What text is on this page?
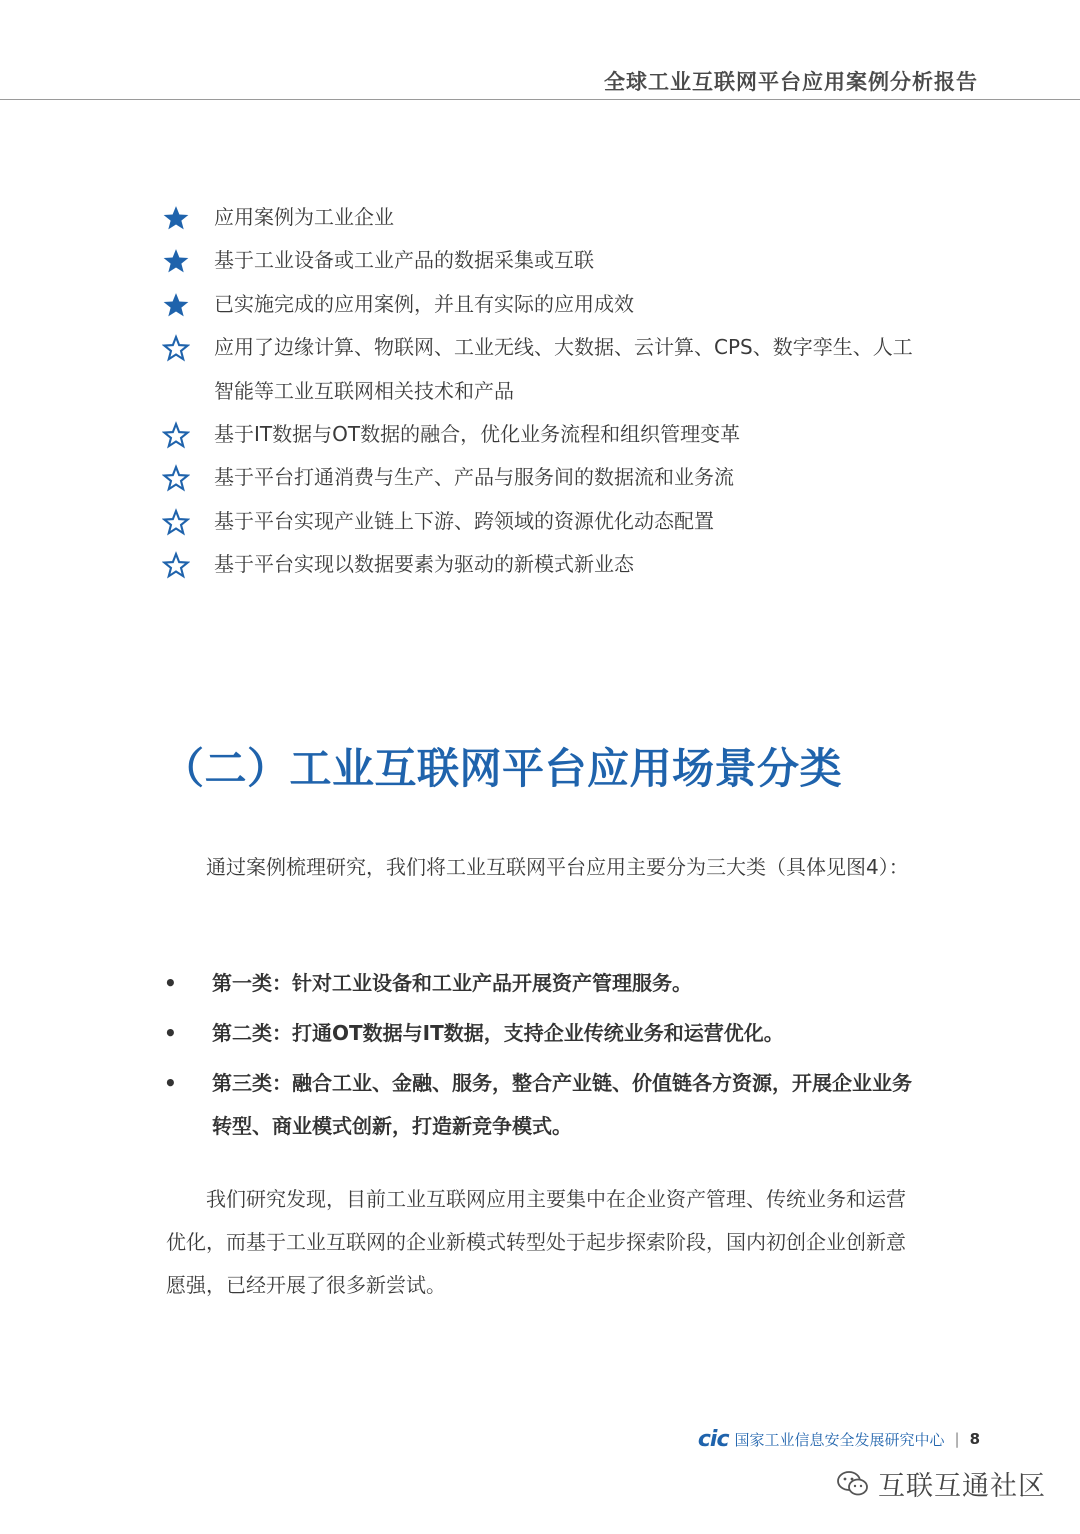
全球工业互联网平台应用案例分析报告
应用案例为工业企业
基于工业设备或工业产品的数据采集或互联
已实施完成的应用案例，并且有实际的应用成效
应用了边缘计算、物联网、工业无线、大数据、云计算、CPS、数字孪生、人工智能等工业互联网相关技术和产品
基于IT数据与OT数据的融合，优化业务流程和组织管理变革
基于平台打通消费与生产、产品与服务间的数据流和业务流
基于平台实现产业链上下游、跨领域的资源优化动态配置
基于平台实现以数据要素为驱动的新模式新业态
（二）工业互联网平台应用场景分类

通过案例梳理研究，我们将工业互联网平台应用主要分为三大类（具体见图4）：

• 第一类：针对工业设备和工业产品开展资产管理服务。
• 第二类：打通OT数据与IT数据，支持企业传统业务和运营优化。
• 第三类：融合工业、金融、服务，整合产业链、价值链各方资源，开展企业业务转型、商业模式创新，打造新竞争模式。

我们研究发现，目前工业互联网应用主要集中在企业资产管理、传统业务和运营优化，而基于工业互联网的企业新模式转型处于起步探索阶段，国内初创企业创新意愿强，已经开展了很多新尝试。

cic 国家工业信息安全发展研究中心 | 8
互联互通社区
